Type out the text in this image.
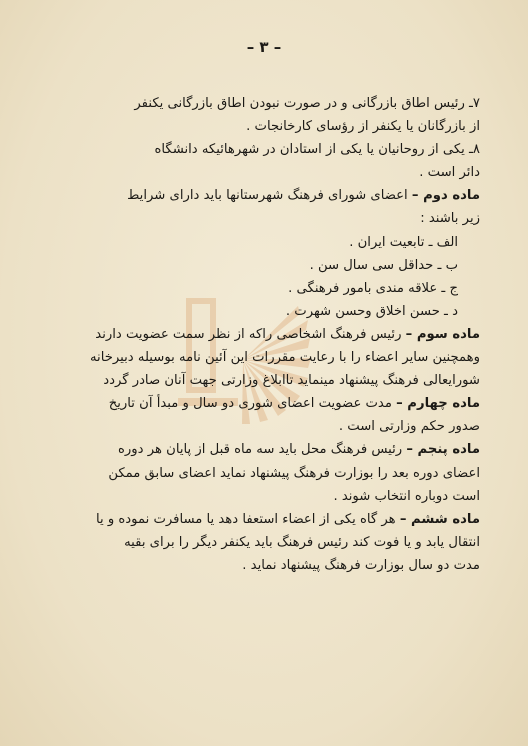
– ۳ –
۷ـ رئیس اطاق بازرگانی و در صورت نبودن اطاق بازرگانی یکنفر
از بازرگانان یا یکنفر از رؤسای کارخانجات .
۸ـ یکی از روحانیان یا یکی از استادان در شهرهائیکه دانشگاه
دائر است .
ماده دوم – اعضای شورای فرهنگ شهرستانها باید دارای شرایط
زیر باشند :
الف ـ تابعیت ایران .
ب ـ حداقل سی سال سن .
ج ـ علاقه مندی بامور فرهنگی .
د ـ حسن اخلاق وحسن شهرت .
ماده سوم – رئیس فرهنگ اشخاصی راکه از نظر سمت عضویت دارند
وهمچنین سایر اعضاء را با رعایت مقررات این آئین نامه بوسیله دبیرخانه
شورایعالی فرهنگ پیشنهاد مینماید تاابلاغ وزارتی جهت آنان صادر گردد
ماده چهارم – مدت عضویت اعضای شوری دو سال و مبدأ آن تاریخ
صدور حکم وزارتی است .
ماده پنجم – رئیس فرهنگ محل باید سه ماه قبل از پایان هر دوره
اعضای دوره بعد را بوزارت فرهنگ پیشنهاد نماید اعضای سابق ممکن
است دوباره انتخاب شوند .
ماده ششم – هر گاه یکی از اعضاء استعفا دهد یا مسافرت نموده و یا
انتقال یابد و یا فوت کند رئیس فرهنگ باید یکنفر دیگر را برای بقیه
مدت دو سال بوزارت فرهنگ پیشنهاد نماید .
